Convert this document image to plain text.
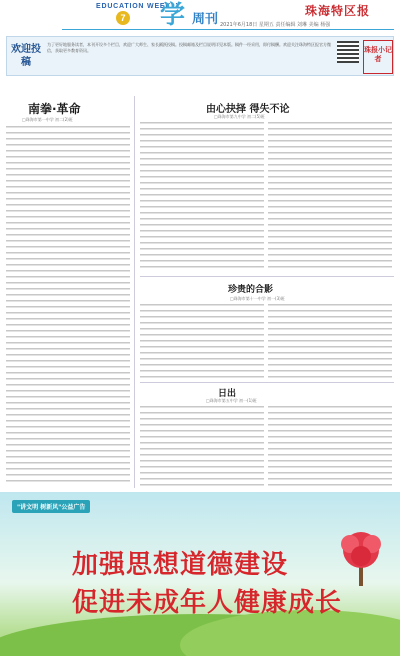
EDUCATION WEEKLY
7 学 周刊
珠海特区报
2021年6月18日 星期五 责任编辑 刘琳 美编 杨强
欢迎投稿
为了更好地服务读者，本刊开设多个栏目，欢迎广大师生、家长踊跃投稿。投稿邮箱及栏目说明详见本版。稿件一经采用，即付稿酬。欢迎关注珠海特区报官方微信，获取更多教育资讯。	珠报小记者
南拳·革命
□珠海市第一中学 初二(2)班
由心抉择 得失不论
□珠海市第九中学 初二(5)班
珍贵的合影
□珠海市第十一中学 初一(3)班
日出
□珠海市第五中学 初一(1)班
"讲文明 树新风"公益广告
加强思想道德建设
促进未成年人健康成长
